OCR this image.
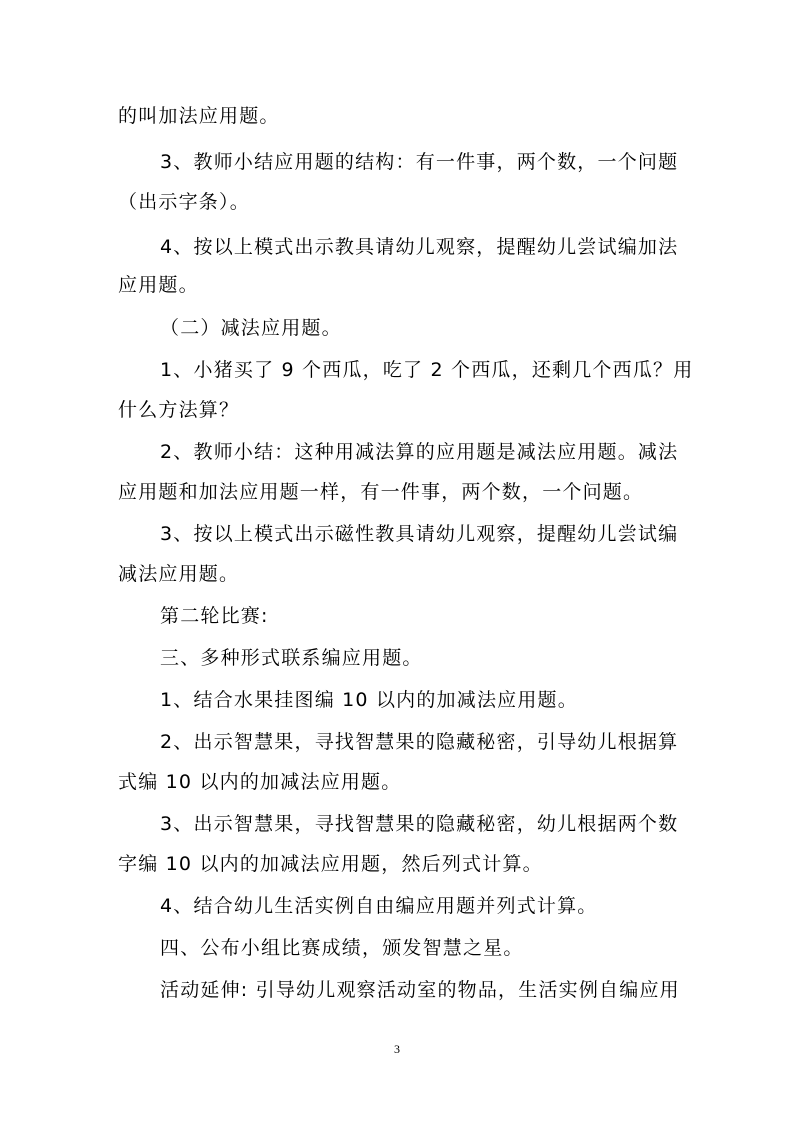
的叫加法应用题。
3、教师小结应用题的结构：有一件事，两个数，一个问题
（出示字条）。
4、按以上模式出示教具请幼儿观察，提醒幼儿尝试编加法
应用题。
（二）减法应用题。
1、小猪买了 9 个西瓜，吃了 2 个西瓜，还剩几个西瓜？用
什么方法算？
2、教师小结：这种用减法算的应用题是减法应用题。减法
应用题和加法应用题一样，有一件事，两个数，一个问题。
3、按以上模式出示磁性教具请幼儿观察，提醒幼儿尝试编
减法应用题。
第二轮比赛:
三、多种形式联系编应用题。
1、结合水果挂图编 10 以内的加减法应用题。
2、出示智慧果，寻找智慧果的隐藏秘密，引导幼儿根据算
式编 10 以内的加减法应用题。
3、出示智慧果，寻找智慧果的隐藏秘密，幼儿根据两个数
字编 10 以内的加减法应用题，然后列式计算。
4、结合幼儿生活实例自由编应用题并列式计算。
四、公布小组比赛成绩，颁发智慧之星。
活动延伸: 引导幼儿观察活动室的物品，生活实例自编应用
3
